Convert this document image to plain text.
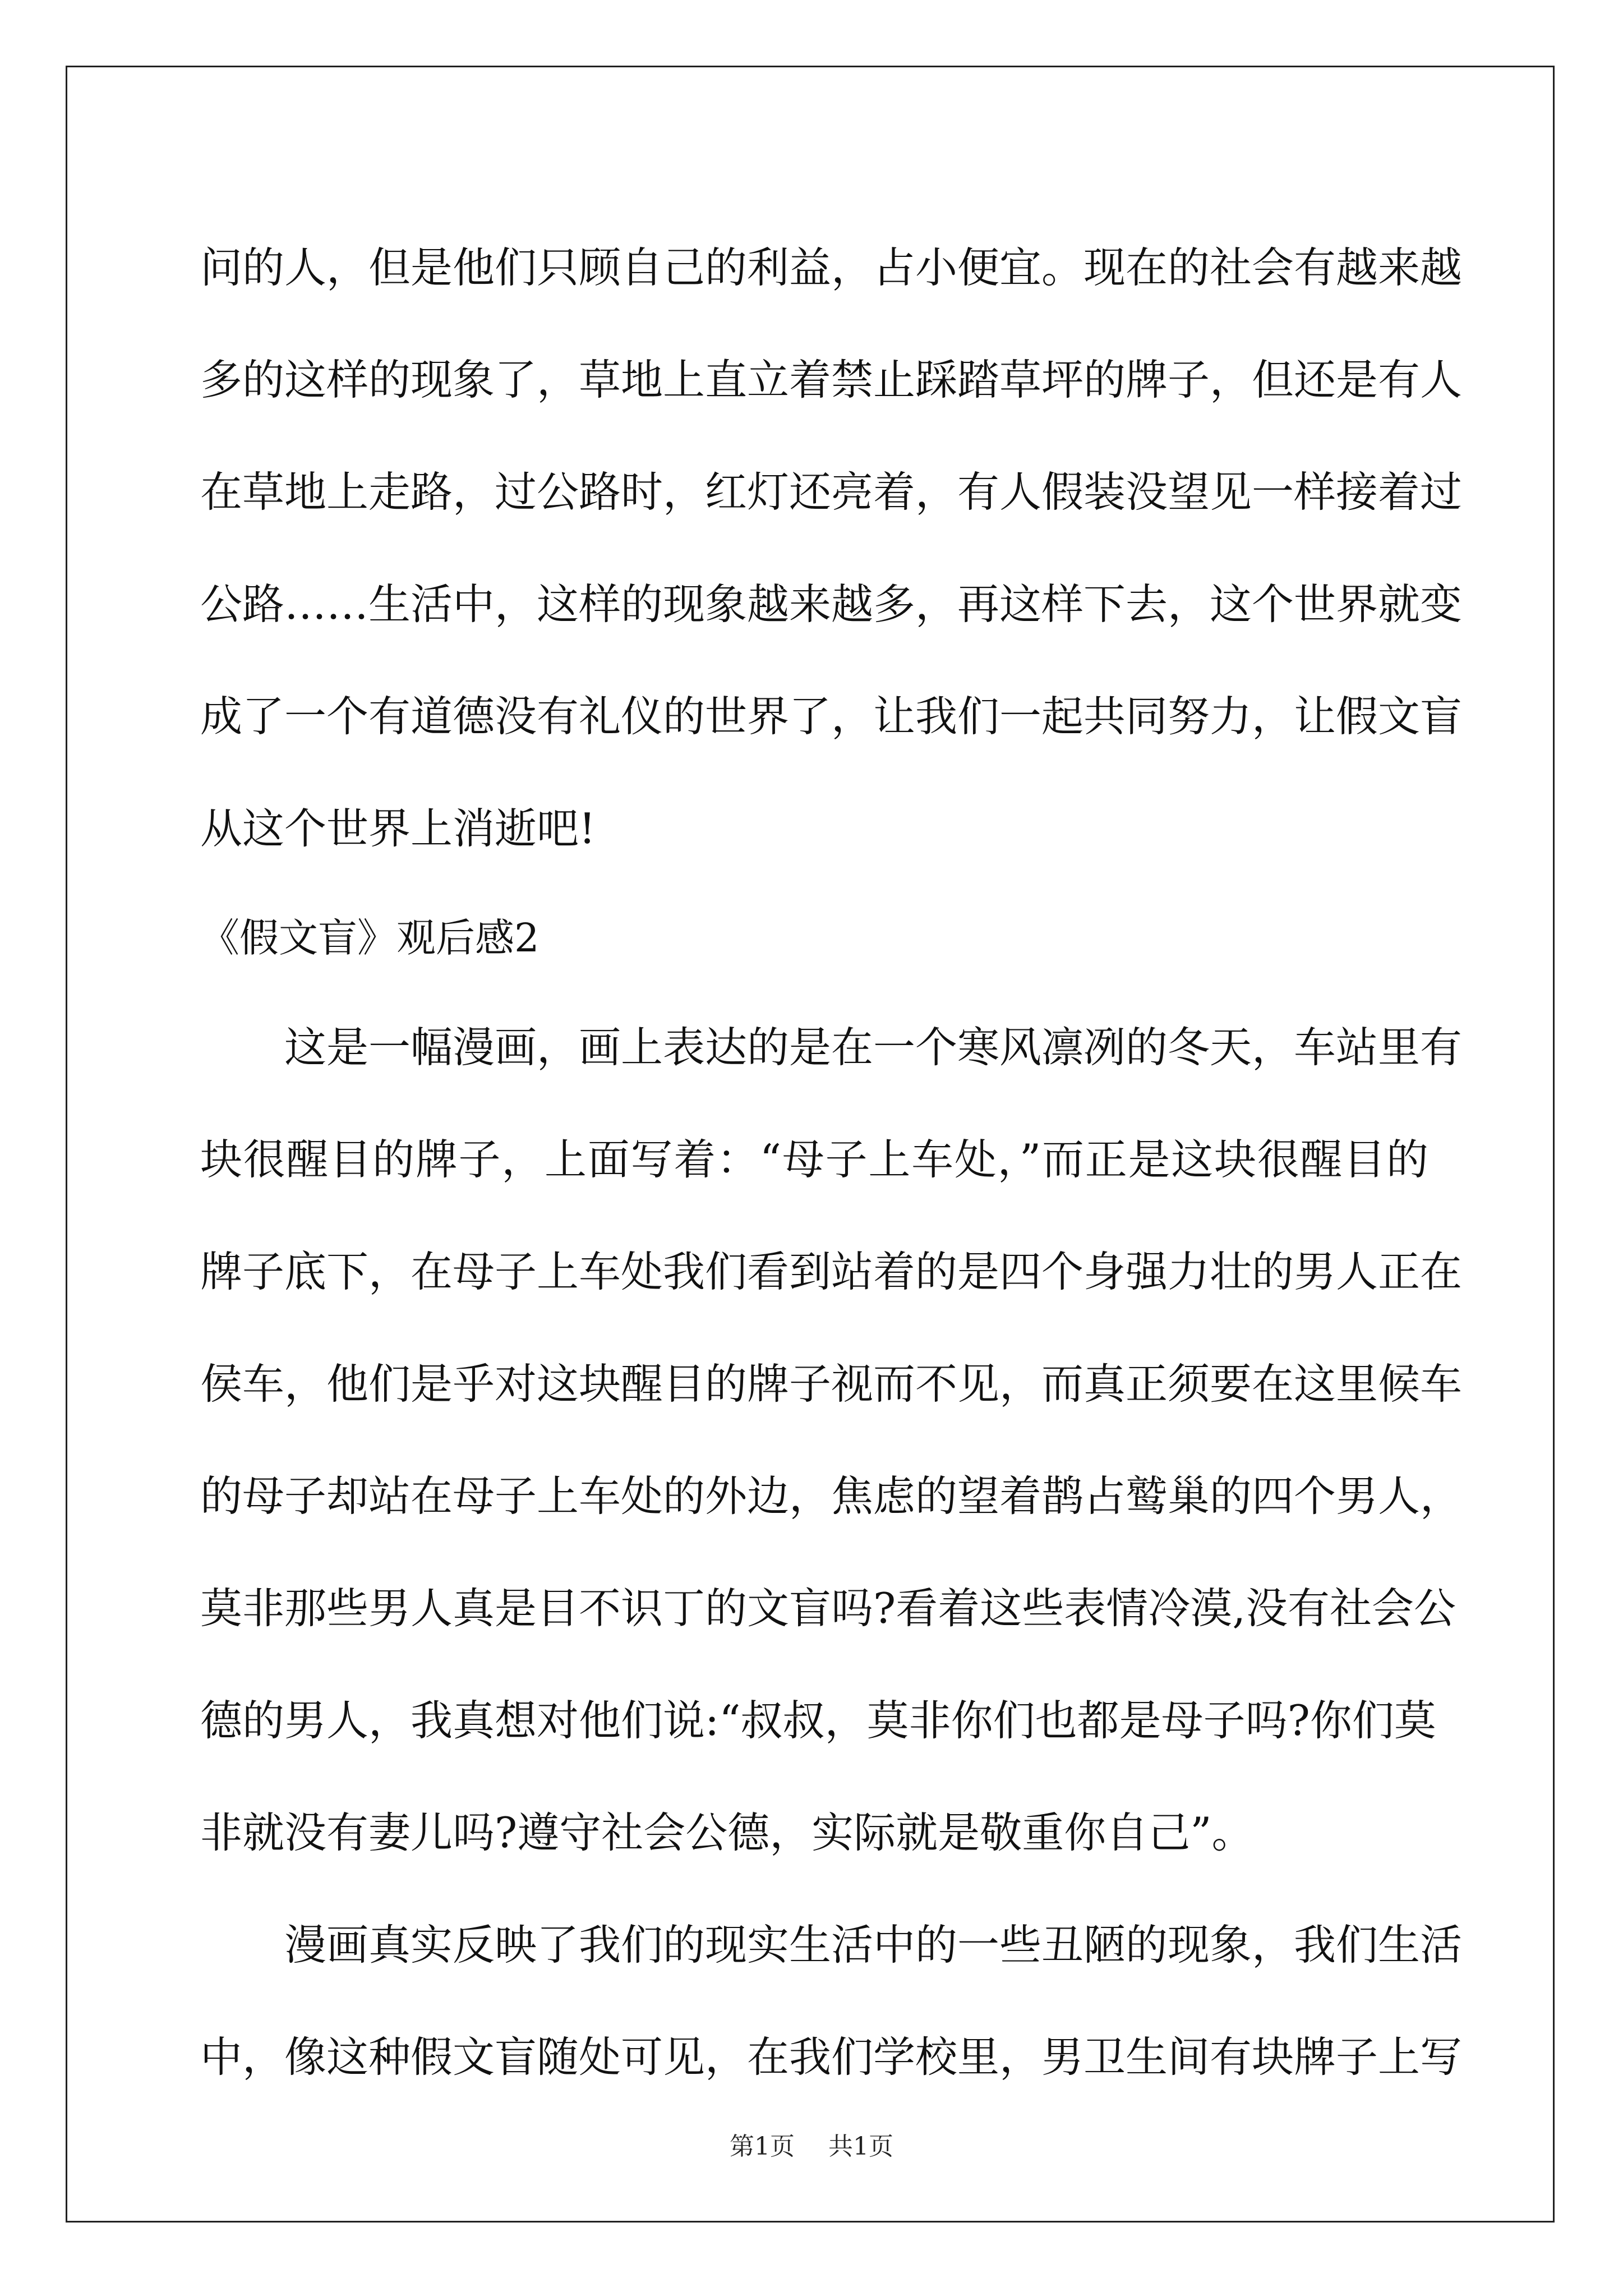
问的人，但是他们只顾自己的利益，占小便宜。现在的社会有越来越
多的这样的现象了，草地上直立着禁止踩踏草坪的牌子，但还是有人
在草地上走路，过公路时，红灯还亮着，有人假装没望见一样接着过
公路……生活中，这样的现象越来越多，再这样下去，这个世界就变
成了一个有道德没有礼仪的世界了，让我们一起共同努力，让假文盲
从这个世界上消逝吧!
《假文盲》观后感2
这是一幅漫画，画上表达的是在一个寒风凛冽的冬天，车站里有
块很醒目的牌子，上面写着：“母子上车处，”而正是这块很醒目的
牌子底下，在母子上车处我们看到站着的是四个身强力壮的男人正在
侯车，他们是乎对这块醒目的牌子视而不见，而真正须要在这里候车
的母子却站在母子上车处的外边，焦虑的望着鹊占鹫巢的四个男人，
莫非那些男人真是目不识丁的文盲吗?看着这些表情冷漠,没有社会公
德的男人，我真想对他们说:“叔叔，莫非你们也都是母子吗?你们莫
非就没有妻儿吗?遵守社会公德，实际就是敬重你自己”。
漫画真实反映了我们的现实生活中的一些丑陋的现象，我们生活
中，像这种假文盲随处可见，在我们学校里，男卫生间有块牌子上写
第1页 共1页
